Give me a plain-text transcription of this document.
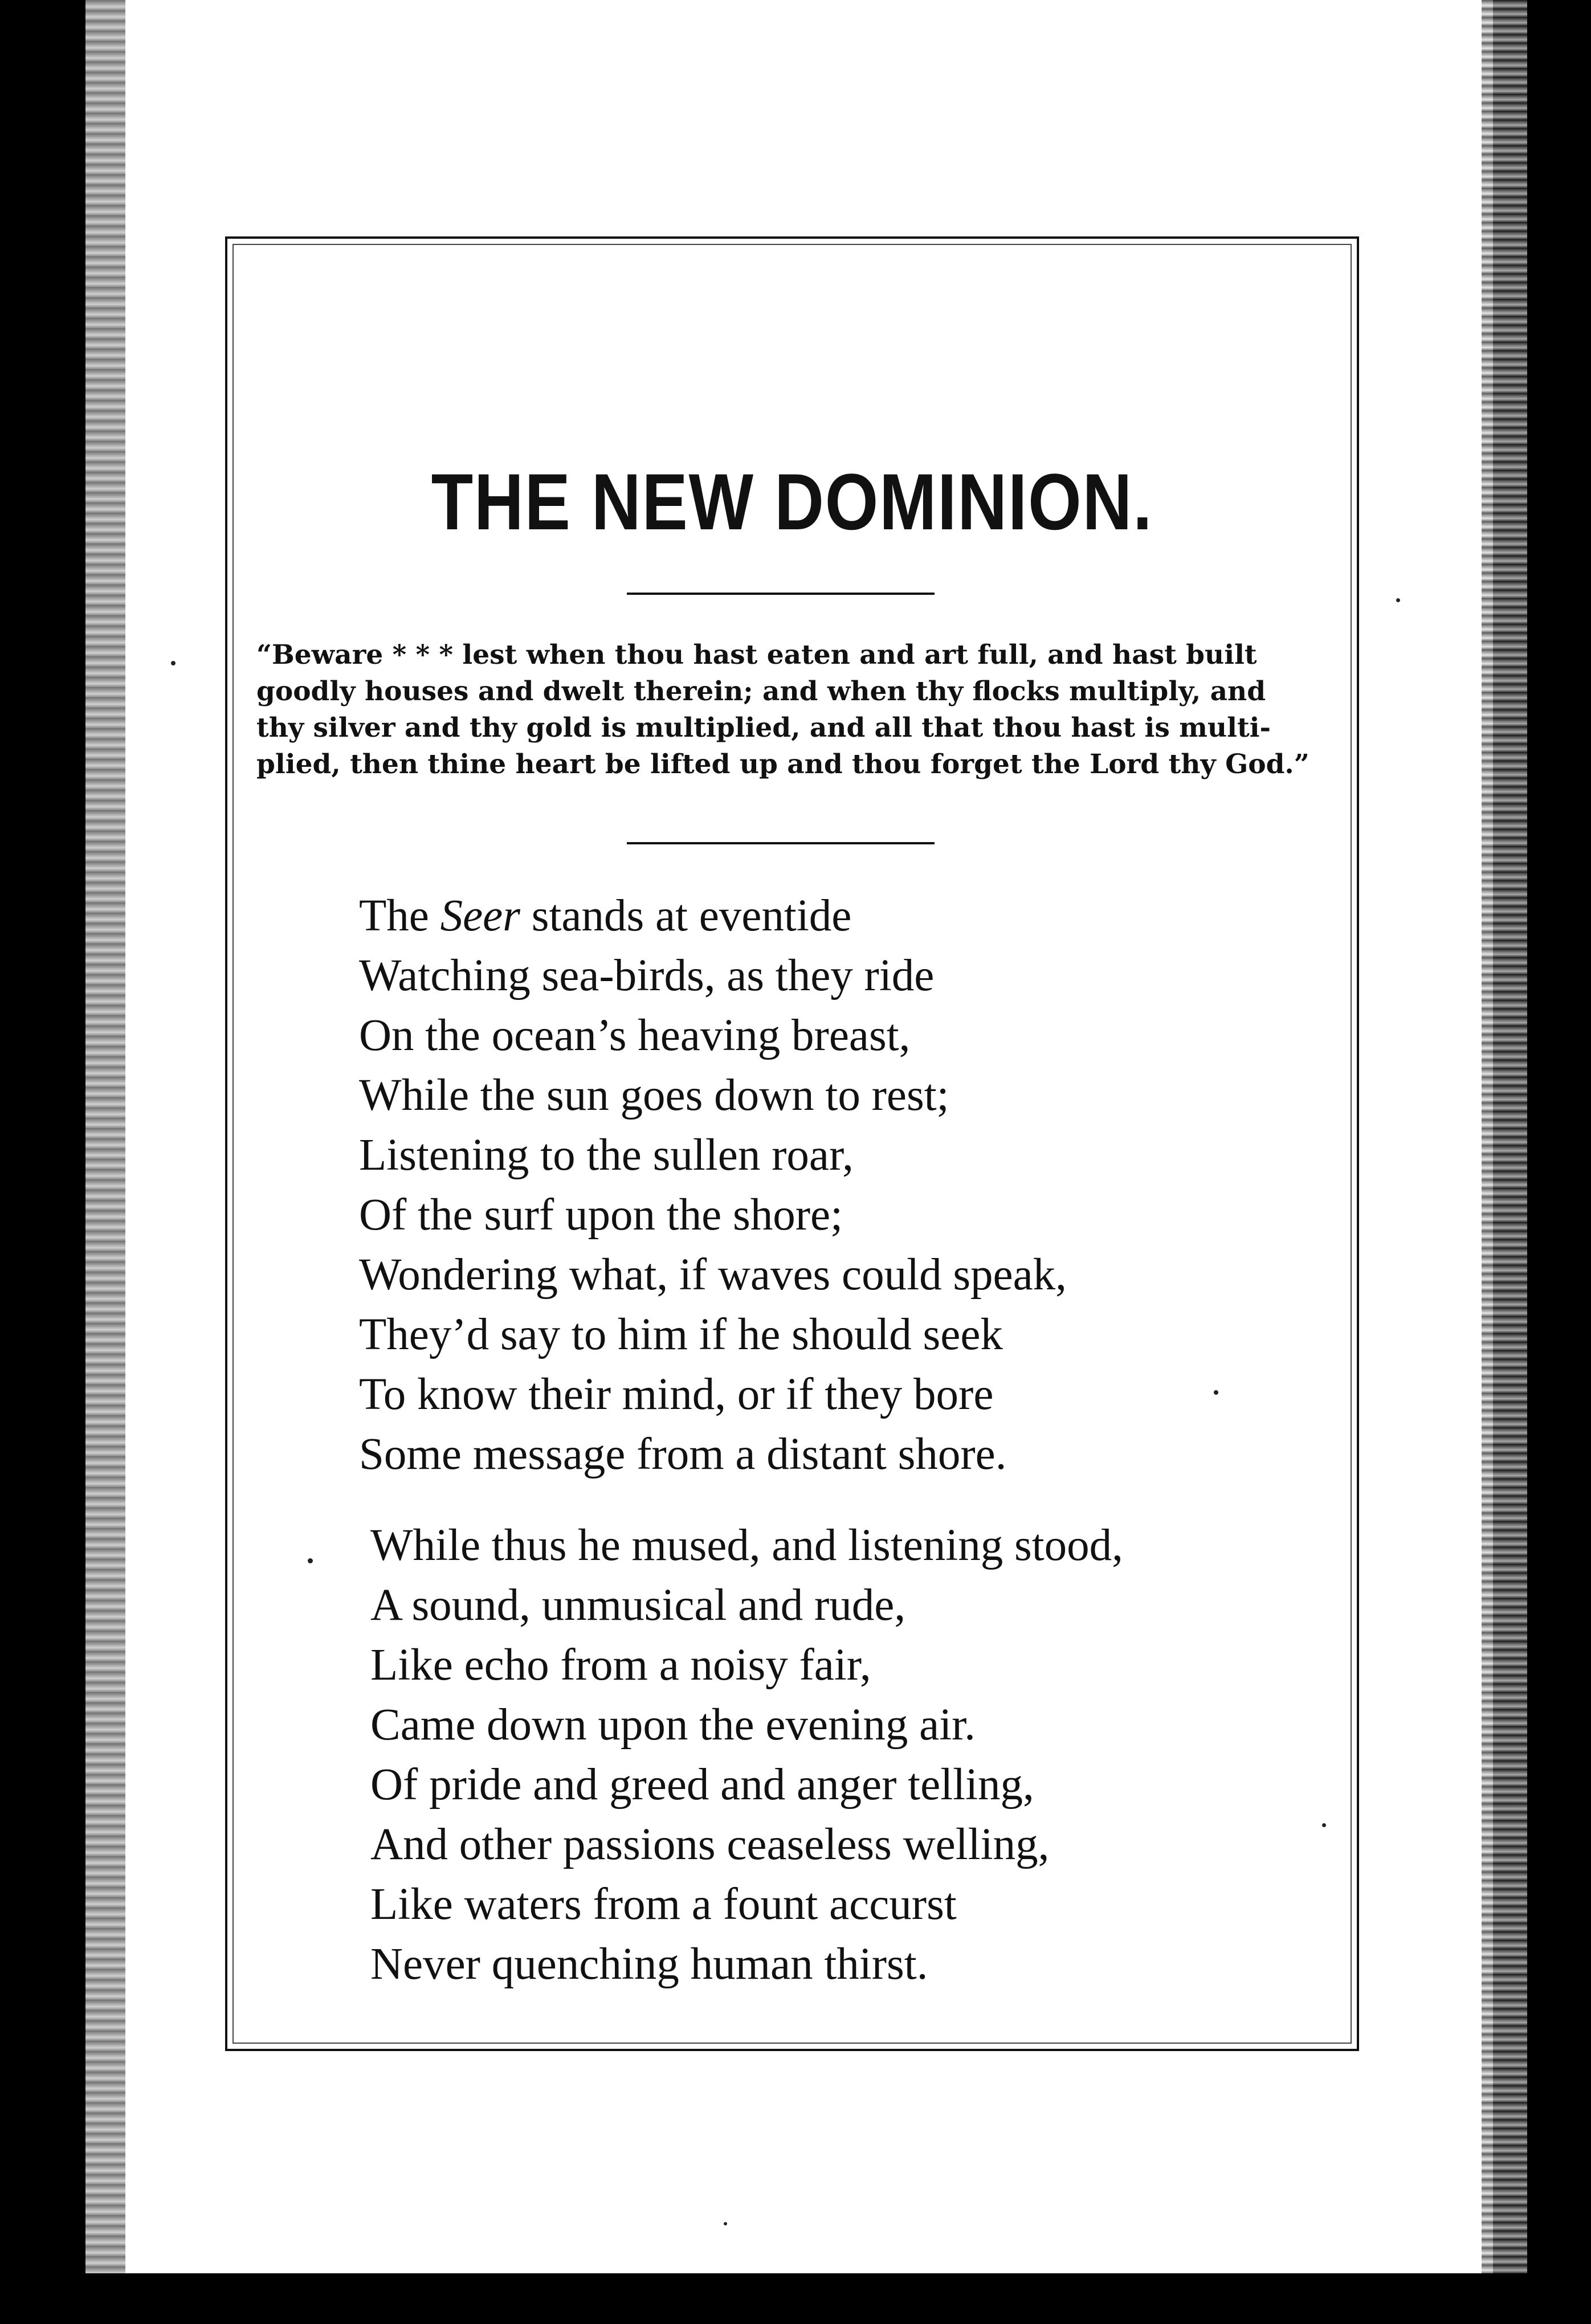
THE NEW DOMINION.
“Beware * * * lest when thou hast eaten and art full, and hast built
goodly houses and dwelt therein; and when thy flocks multiply, and
thy silver and thy gold is multiplied, and all that thou hast is multi-
plied, then thine heart be lifted up and thou forget the Lord thy God.”
The Seer stands at eventide
Watching sea-birds, as they ride
On the ocean’s heaving breast,
While the sun goes down to rest;
Listening to the sullen roar,
Of the surf upon the shore;
Wondering what, if waves could speak,
They’d say to him if he should seek
To know their mind, or if they bore
Some message from a distant shore.
While thus he mused, and listening stood,
A sound, unmusical and rude,
Like echo from a noisy fair,
Came down upon the evening air.
Of pride and greed and anger telling,
And other passions ceaseless welling,
Like waters from a fount accurst
Never quenching human thirst.
